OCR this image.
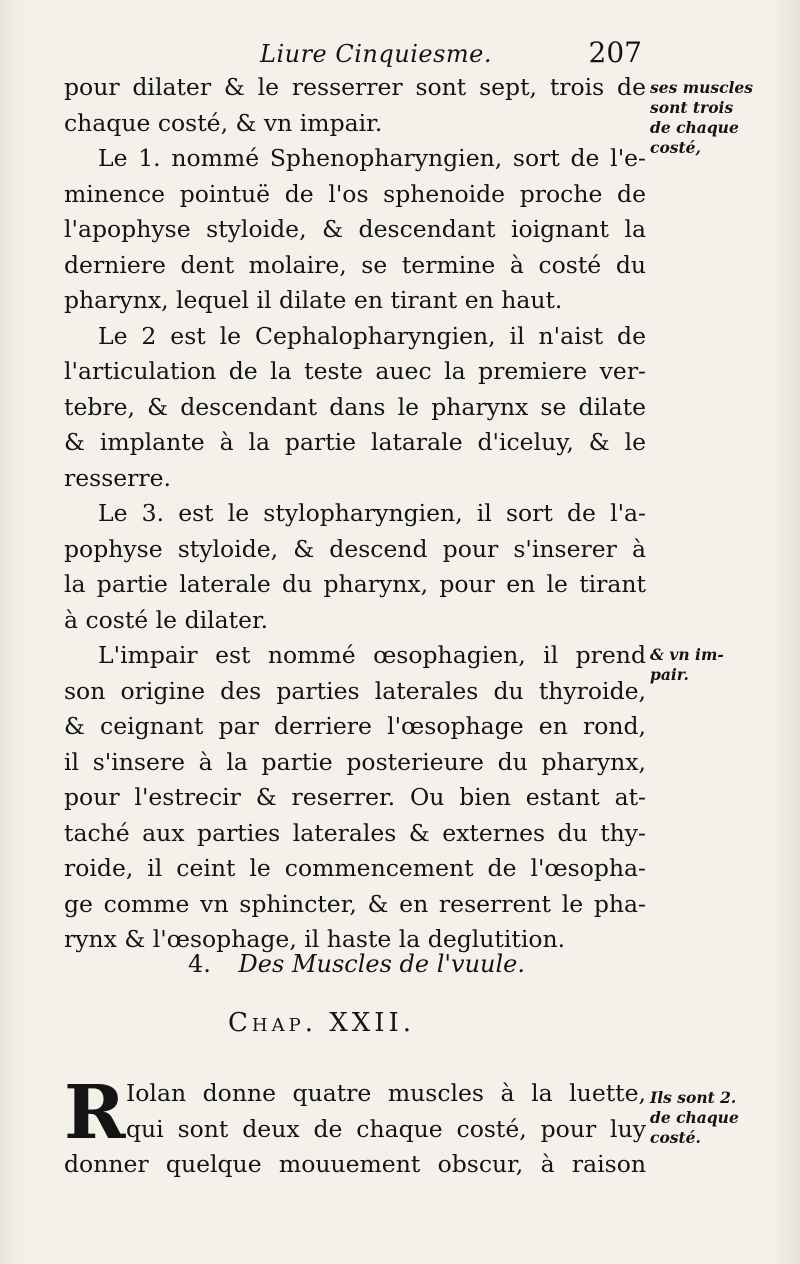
Liure Cinquiesme.	207
pour dilater & le resserrer sont sept, trois de
chaque costé, & vn impair.
Le 1. nommé Sphenopharyngien, sort de l'e-
minence pointuë de l'os sphenoide proche de
l'apophyse styloide, & descendant ioignant la
derniere dent molaire, se termine à costé du
pharynx, lequel il dilate en tirant en haut.
Le 2 est le Cephalopharyngien, il n'aist de
l'articulation de la teste auec la premiere ver-
tebre, & descendant dans le pharynx se dilate
& implante à la partie latarale d'iceluy, & le
resserre.
Le 3. est le stylopharyngien, il sort de l'a-
pophyse styloide, & descend pour s'inserer à
la partie laterale du pharynx, pour en le tirant
à costé le dilater.
L'impair est nommé œsophagien, il prend
son origine des parties laterales du thyroide,
& ceignant par derriere l'œsophage en rond,
il s'insere à la partie posterieure du pharynx,
pour l'estrecir & reserrer. Ou bien estant at-
taché aux parties laterales & externes du thy-
roide, il ceint le commencement de l'œsopha-
ge comme vn sphincter, & en reserrent le pha-
rynx & l'œsophage, il haste la deglutition.
ses muscles
sont trois
de chaque
costé,
& vn im-
pair.
Ils sont 2.
de chaque
costé.
4. Des Muscles de l'vuule.
Chap. XXII.
R Iolan donne quatre muscles à la luette,
qui sont deux de chaque costé, pour luy
donner quelque mouuement obscur, à raison
